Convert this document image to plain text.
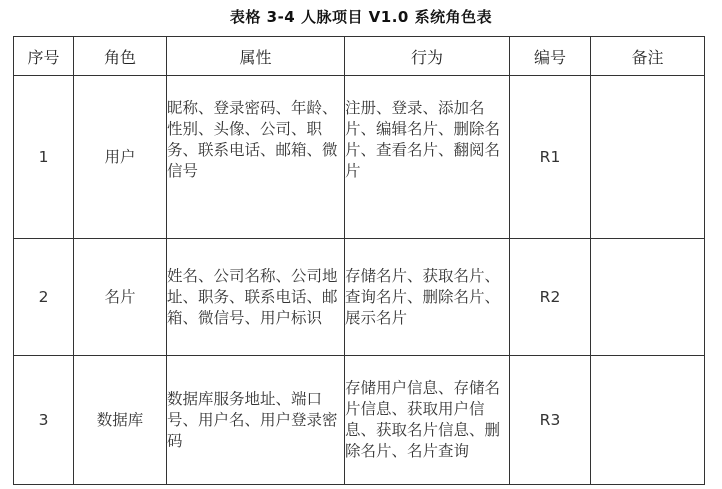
表格 3-4 人脉项目 V1.0 系统角色表
序号	角色	属性	行为	编号	备注
1	用户	昵称、登录密码、年龄、性别、头像、公司、职务、联系电话、邮箱、微信号	注册、登录、添加名片、编辑名片、删除名片、查看名片、翻阅名片	R1	
2	名片	姓名、公司名称、公司地址、职务、联系电话、邮箱、微信号、用户标识	存储名片、获取名片、查询名片、删除名片、展示名片	R2	
3	数据库	数据库服务地址、端口号、用户名、用户登录密码	存储用户信息、存储名片信息、获取用户信息、获取名片信息、删除名片、名片查询	R3	
